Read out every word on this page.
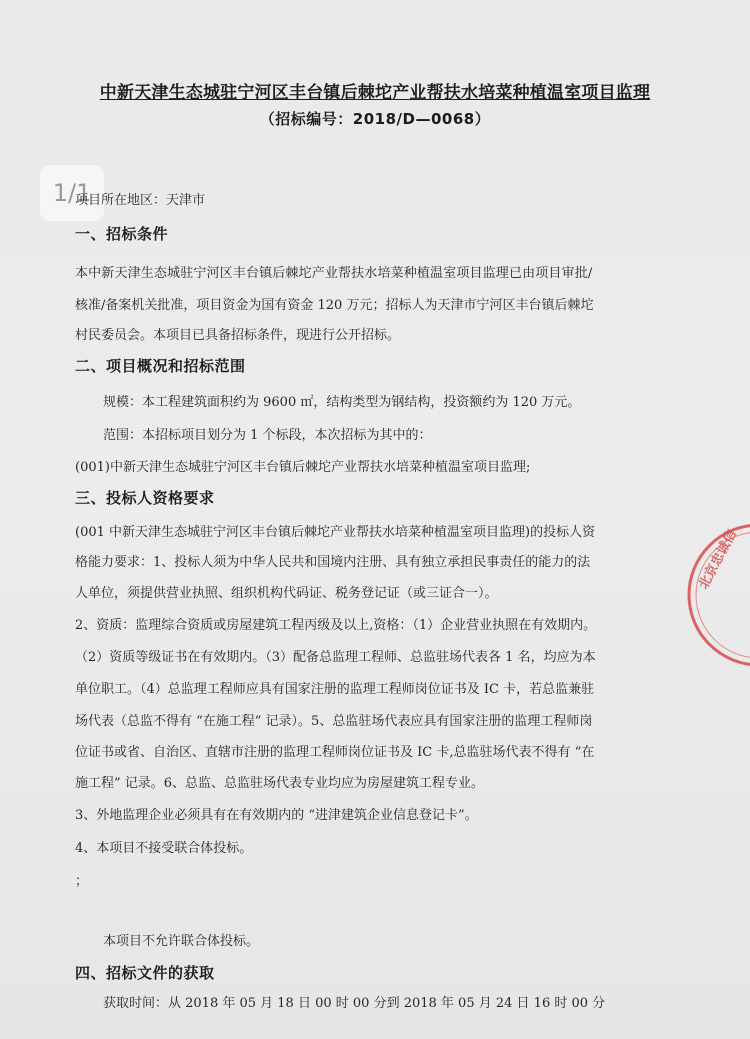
中新天津生态城驻宁河区丰台镇后棘坨产业帮扶水培菜种植温室项目监理
（招标编号：2018/D—0068）
1/1
项目所在地区：天津市
一、招标条件
本中新天津生态城驻宁河区丰台镇后棘坨产业帮扶水培菜种植温室项目监理已由项目审批/
核准/备案机关批准，项目资金为国有资金 120 万元；招标人为天津市宁河区丰台镇后棘坨
村民委员会。本项目已具备招标条件，现进行公开招标。
二、项目概况和招标范围
规模：本工程建筑面积约为 9600 ㎡，结构类型为钢结构，投资额约为 120 万元。
范围：本招标项目划分为 1 个标段，本次招标为其中的：
(001)中新天津生态城驻宁河区丰台镇后棘坨产业帮扶水培菜种植温室项目监理;
三、投标人资格要求
(001 中新天津生态城驻宁河区丰台镇后棘坨产业帮扶水培菜种植温室项目监理)的投标人资
格能力要求：1、投标人须为中华人民共和国境内注册、具有独立承担民事责任的能力的法
人单位，须提供营业执照、组织机构代码证、税务登记证（或三证合一）。
2、资质：监理综合资质或房屋建筑工程丙级及以上,资格：（1）企业营业执照在有效期内。
（2）资质等级证书在有效期内。（3）配备总监理工程师、总监驻场代表各 1 名，均应为本
单位职工。（4）总监理工程师应具有国家注册的监理工程师岗位证书及 IC 卡，若总监兼驻
场代表（总监不得有 “在施工程” 记录）。5、总监驻场代表应具有国家注册的监理工程师岗
位证书或省、自治区、直辖市注册的监理工程师岗位证书及 IC 卡,总监驻场代表不得有 “在
施工程” 记录。6、总监、总监驻场代表专业均应为房屋建筑工程专业。
3、外地监理企业必须具有在有效期内的 “进津建筑企业信息登记卡”。
4、本项目不接受联合体投标。
；
本项目不允许联合体投标。
四、招标文件的获取
获取时间：从 2018 年 05 月 18 日 00 时 00 分到 2018 年 05 月 24 日 16 时 00 分
北京忠诚信
